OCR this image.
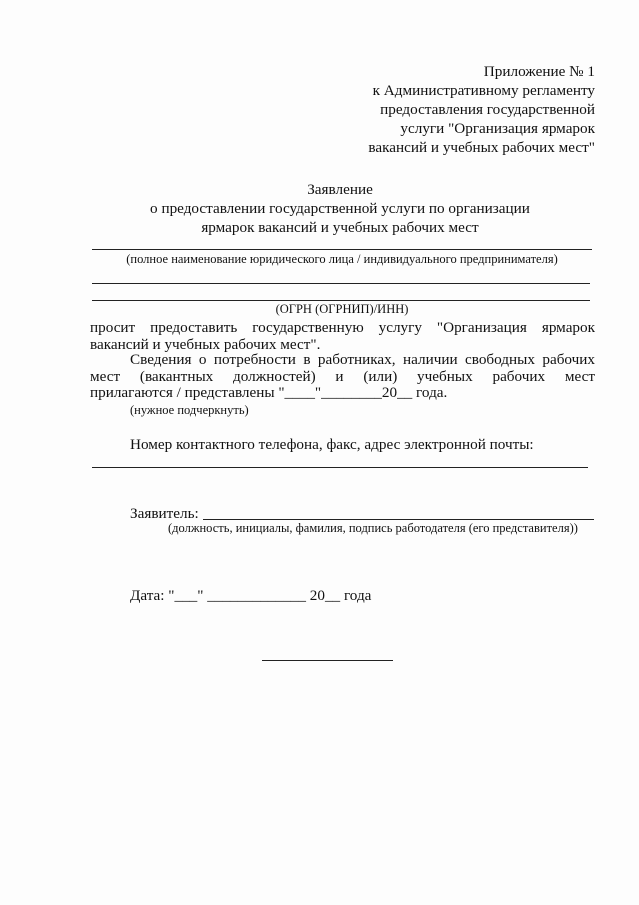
Приложение № 1
к Административному регламенту
предоставления государственной
услуги "Организация ярмарок
вакансий и учебных рабочих мест"
Заявление
о предоставлении государственной услуги по организации
ярмарок вакансий и учебных рабочих мест
(полное наименование юридического лица / индивидуального предпринимателя)
(ОГРН (ОГРНИП)/ИНН)
просит предоставить государственную услугу "Организация ярмарок
вакансий и учебных рабочих мест".
Сведения о потребности в работниках, наличии свободных рабочих
мест (вакантных должностей) и (или) учебных рабочих мест
прилагаются / представлены "____"________20__ года.
(нужное подчеркнуть)
Номер контактного телефона, факс, адрес электронной почты:
Заявитель:
(должность, инициалы, фамилия, подпись работодателя (его представителя))
Дата: "___" _____________ 20__ года
